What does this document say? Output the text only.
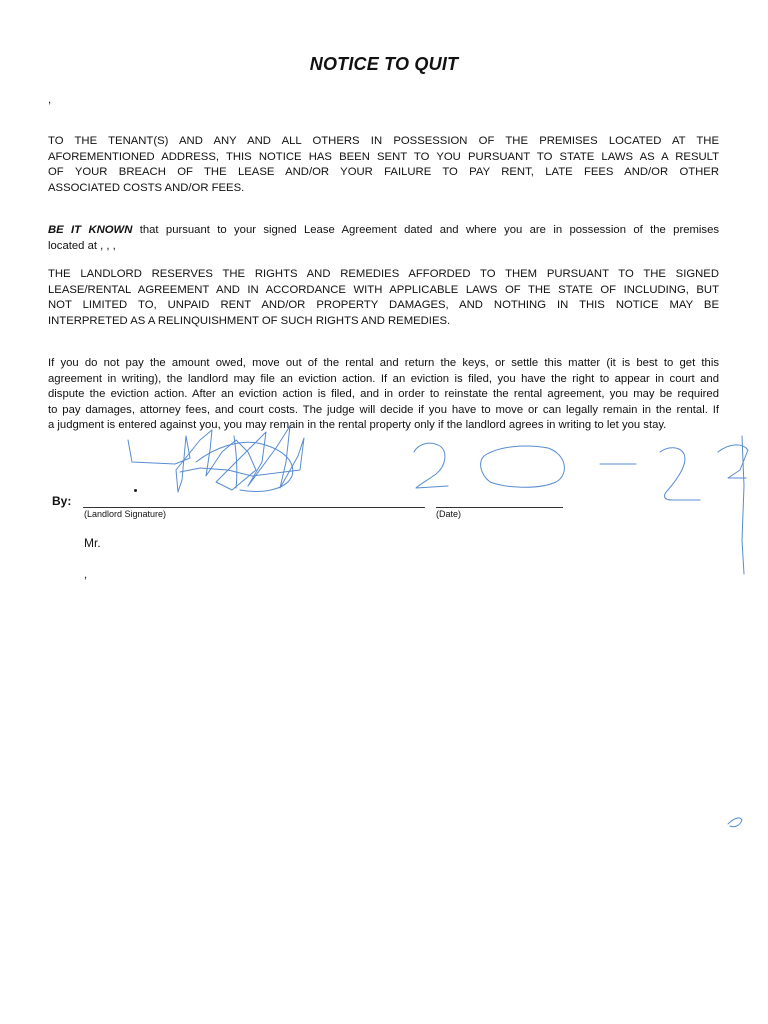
NOTICE TO QUIT
,
TO THE TENANT(S) AND ANY AND ALL OTHERS IN POSSESSION OF THE PREMISES LOCATED AT THE
AFOREMENTIONED ADDRESS, THIS NOTICE HAS BEEN SENT TO YOU PURSUANT TO STATE LAWS AS A RESULT
OF YOUR BREACH OF THE LEASE AND/OR YOUR FAILURE TO PAY RENT, LATE FEES AND/OR OTHER
ASSOCIATED COSTS AND/OR FEES.
BE IT KNOWN that pursuant to your signed Lease Agreement dated and where you are in possession of the premises
located at , , ,
THE LANDLORD RESERVES THE RIGHTS AND REMEDIES AFFORDED TO THEM PURSUANT TO THE SIGNED
LEASE/RENTAL AGREEMENT AND IN ACCORDANCE WITH APPLICABLE LAWS OF THE STATE OF INCLUDING, BUT
NOT LIMITED TO, UNPAID RENT AND/OR PROPERTY DAMAGES, AND NOTHING IN THIS NOTICE MAY BE
INTERPRETED AS A RELINQUISHMENT OF SUCH RIGHTS AND REMEDIES.
If you do not pay the amount owed, move out of the rental and return the keys, or settle this matter (it is best to get this
agreement in writing), the landlord may file an eviction action. If an eviction is filed, you have the right to appear in court and
dispute the eviction action. After an eviction action is filed, and in order to reinstate the rental agreement, you may be required
to pay damages, attorney fees, and court costs. The judge will decide if you have to move or can legally remain in the rental. If
a judgment is entered against you, you may remain in the rental property only if the landlord agrees in writing to let you stay.
By:
(Landlord Signature)	(Date)
Mr.
,
